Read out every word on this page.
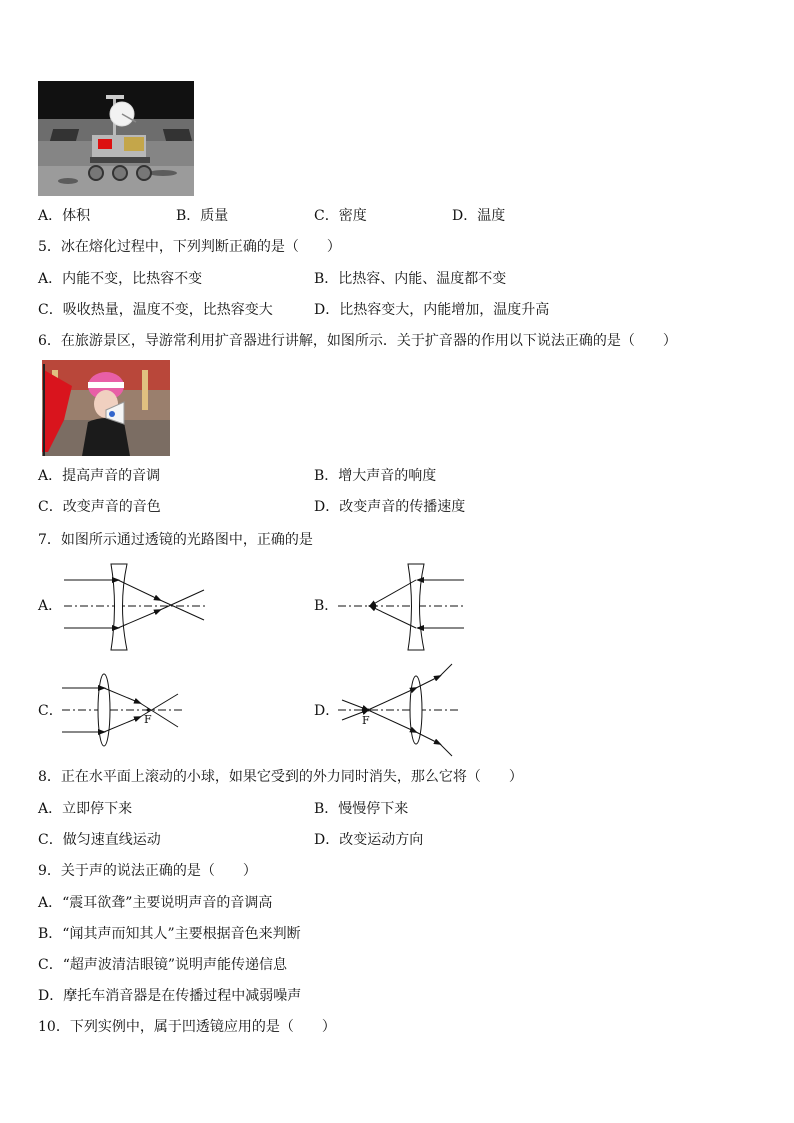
A．体积	B．质量	C．密度	D．温度
5．冰在熔化过程中，下列判断正确的是（　　）
A．内能不变，比热容不变	B．比热容、内能、温度都不变
C．吸收热量，温度不变，比热容变大	D．比热容变大，内能增加，温度升高
6．在旅游景区，导游常利用扩音器进行讲解，如图所示．关于扩音器的作用以下说法正确的是（　　）
A．提高声音的音调	B．增大声音的响度
C．改变声音的音色	D．改变声音的传播速度
7．如图所示通过透镜的光路图中，正确的是
A．	B．
C．
F
D．
F
8．正在水平面上滚动的小球，如果它受到的外力同时消失，那么它将（　　）
A．立即停下来	B．慢慢停下来
C．做匀速直线运动	D．改变运动方向
9．关于声的说法正确的是（　　）
A．“震耳欲聋”主要说明声音的音调高
B．“闻其声而知其人”主要根据音色来判断
C．“超声波清洁眼镜”说明声能传递信息
D．摩托车消音器是在传播过程中减弱噪声
10．下列实例中，属于凹透镜应用的是（　　）
